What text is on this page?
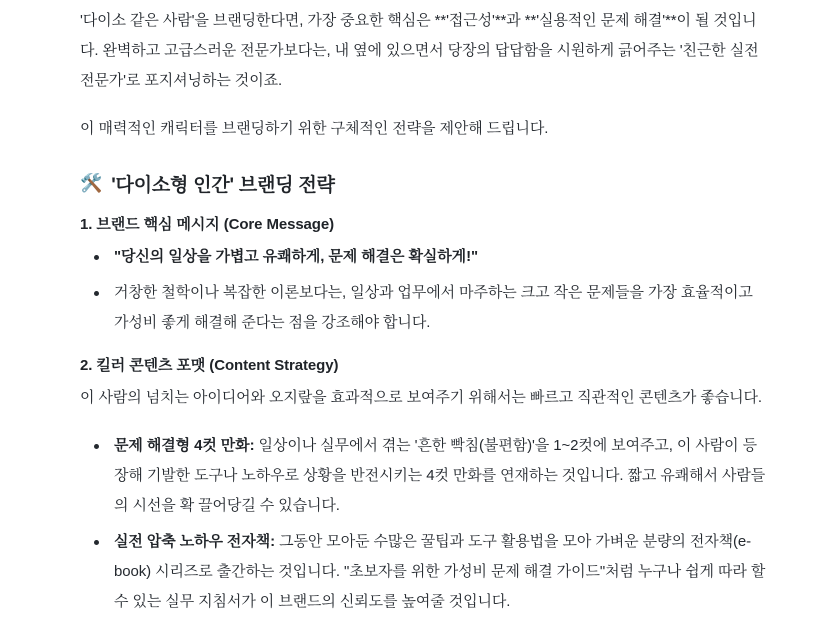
'다이소 같은 사람'을 브랜딩한다면, 가장 중요한 핵심은 **'접근성'**과 **'실용적인 문제 해결'**이 될 것입니다. 완벽하고 고급스러운 전문가보다는, 내 옆에 있으면서 당장의 답답함을 시원하게 긁어주는 '친근한 실전 전문가'로 포지셔닝하는 것이죠.

이 매력적인 캐릭터를 브랜딩하기 위한 구체적인 전략을 제안해 드립니다.

🛠️ '다이소형 인간' 브랜딩 전략
1. 브랜드 핵심 메시지 (Core Message)
"당신의 일상을 가볍고 유쾌하게, 문제 해결은 확실하게!"
거창한 철학이나 복잡한 이론보다는, 일상과 업무에서 마주하는 크고 작은 문제들을 가장 효율적이고 가성비 좋게 해결해 준다는 점을 강조해야 합니다.
2. 킬러 콘텐츠 포맷 (Content Strategy)

이 사람의 넘치는 아이디어와 오지랖을 효과적으로 보여주기 위해서는 빠르고 직관적인 콘텐츠가 좋습니다.

문제 해결형 4컷 만화: 일상이나 실무에서 겪는 '흔한 빡침(불편함)'을 1~2컷에 보여주고, 이 사람이 등장해 기발한 도구나 노하우로 상황을 반전시키는 4컷 만화를 연재하는 것입니다. 짧고 유쾌해서 사람들의 시선을 확 끌어당길 수 있습니다.
실전 압축 노하우 전자책: 그동안 모아둔 수많은 꿀팁과 도구 활용법을 모아 가벼운 분량의 전자책(e-book) 시리즈로 출간하는 것입니다. "초보자를 위한 가성비 문제 해결 가이드"처럼 누구나 쉽게 따라 할 수 있는 실무 지침서가 이 브랜드의 신뢰도를 높여줄 것입니다.
